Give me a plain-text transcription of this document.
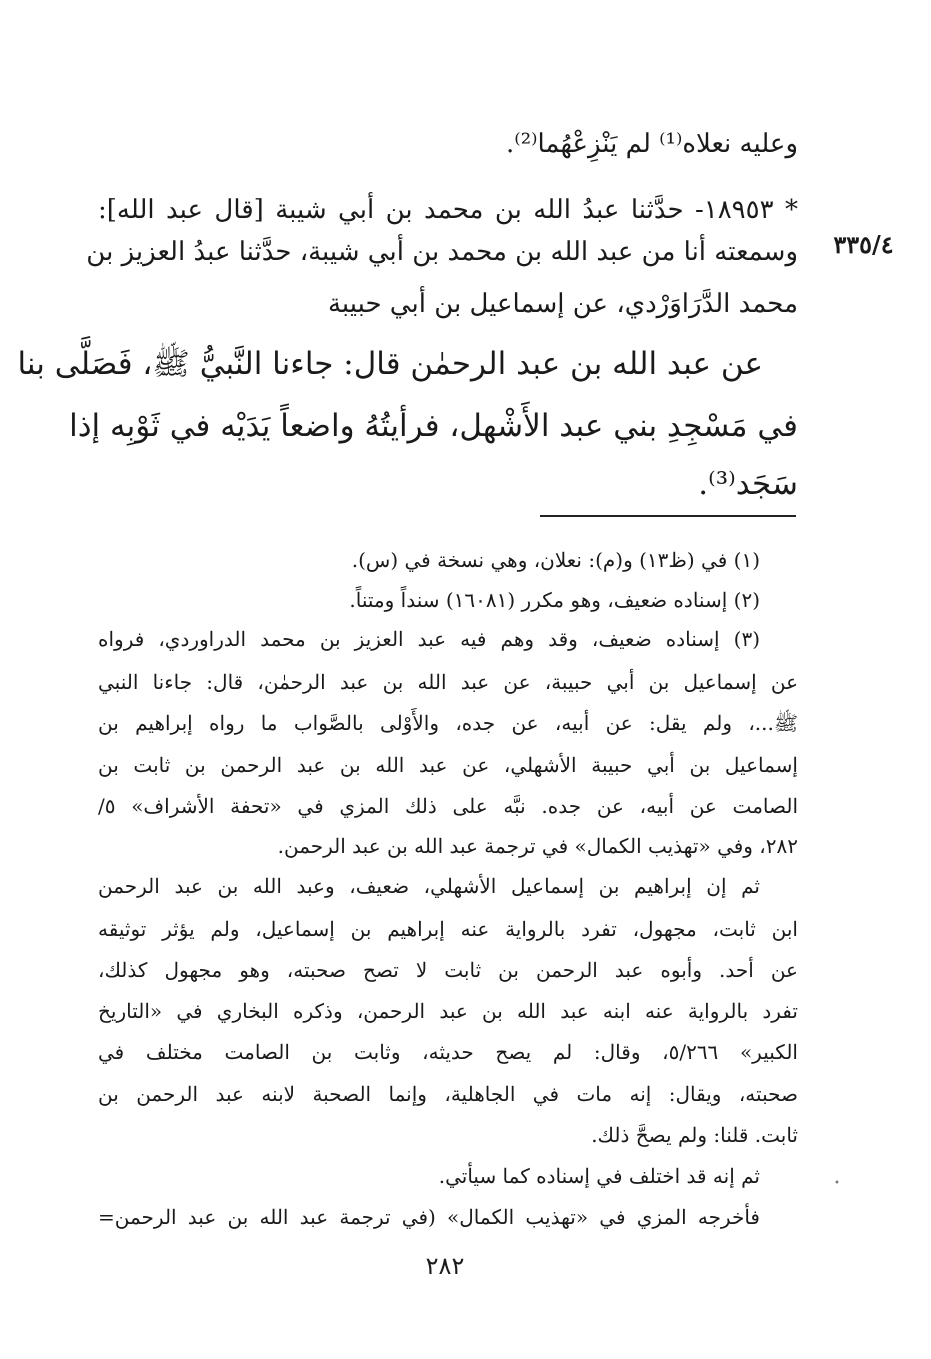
وعليه نعلاه⁽¹⁾ لم يَنْزِعْهُما⁽²⁾.
* ١٨٩٥٣- حدَّثنا عبدُ الله بن محمد بن أبي شيبة [قال عبد الله]:
٣٣٥/٤
وسمعته أنا من عبد الله بن محمد بن أبي شيبة، حدَّثنا عبدُ العزيز بن
محمد الدَّرَاوَرْدي، عن إسماعيل بن أبي حبيبة
عن عبد الله بن عبد الرحمٰن قال: جاءنا النَّبيُّ ﷺ، فَصَلَّى بنا
في مَسْجِدِ بني عبد الأَشْهل، فرأيتُهُ واضعاً يَدَيْه في ثَوْبِه إذا
سَجَد⁽³⁾.
(١) في (ظ١٣) و(م): نعلان، وهي نسخة في (س).
(٢) إسناده ضعيف، وهو مكرر (١٦٠٨١) سنداً ومتناً.
(٣) إسناده ضعيف، وقد وهم فيه عبد العزيز بن محمد الدراوردي، فرواه
عن إسماعيل بن أبي حبيبة، عن عبد الله بن عبد الرحمٰن، قال: جاءنا النبي
ﷺ...، ولم يقل: عن أبيه، عن جده، والأَوْلى بالصَّواب ما رواه إبراهيم بن
إسماعيل بن أبي حبيبة الأشهلي، عن عبد الله بن عبد الرحمن بن ثابت بن
الصامت عن أبيه، عن جده. نبَّه على ذلك المزي في «تحفة الأشراف» ٥/
٢٨٢، وفي «تهذيب الكمال» في ترجمة عبد الله بن عبد الرحمن.
ثم إن إبراهيم بن إسماعيل الأشهلي، ضعيف، وعبد الله بن عبد الرحمن
ابن ثابت، مجهول، تفرد بالرواية عنه إبراهيم بن إسماعيل، ولم يؤثر توثيقه
عن أحد. وأبوه عبد الرحمن بن ثابت لا تصح صحبته، وهو مجهول كذلك،
تفرد بالرواية عنه ابنه عبد الله بن عبد الرحمن، وذكره البخاري في «التاريخ
الكبير» ٥/٢٦٦، وقال: لم يصح حديثه، وثابت بن الصامت مختلف في
صحبته، ويقال: إنه مات في الجاهلية، وإنما الصحبة لابنه عبد الرحمن بن
ثابت. قلنا: ولم يصحَّ ذلك.
ثم إنه قد اختلف في إسناده كما سيأتي.
فأخرجه المزي في «تهذيب الكمال» (في ترجمة عبد الله بن عبد الرحمن=
•
٢٨٢
